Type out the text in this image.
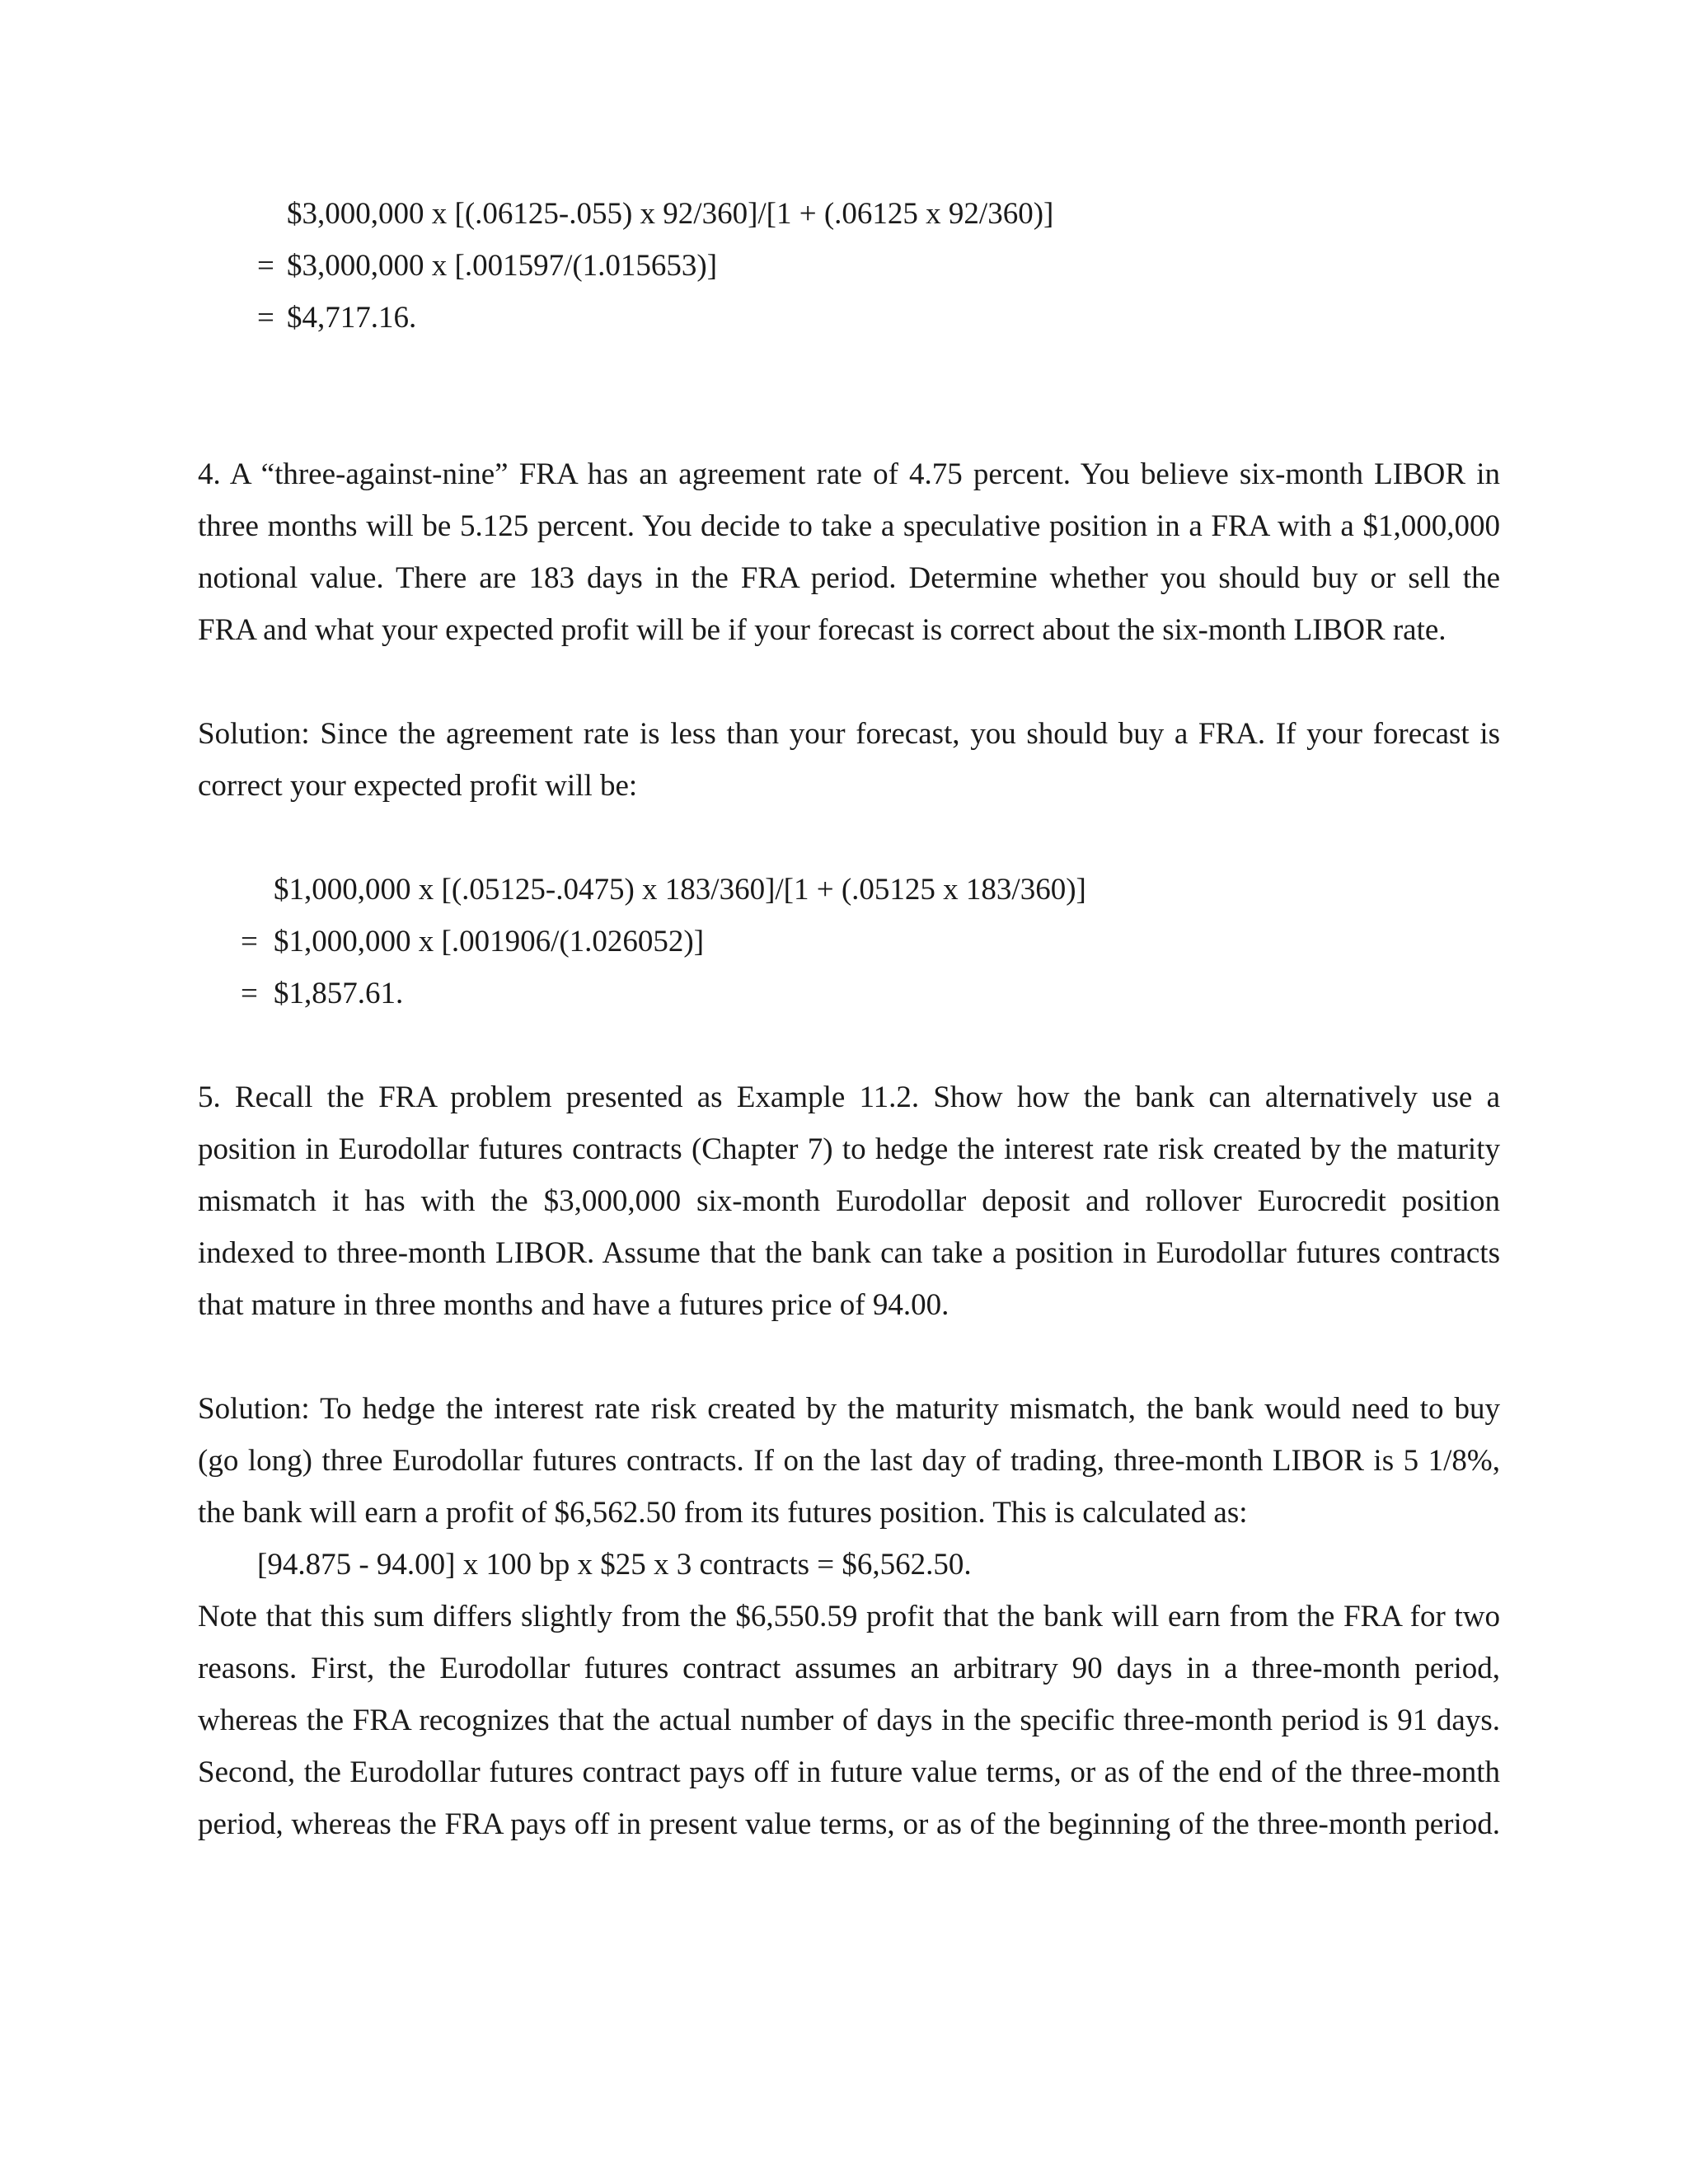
$3,000,000 x [(.06125-.055) x 92/360]/[1 + (.06125 x 92/360)]
= $3,000,000 x [.001597/(1.015653)]
= $4,717.16.
4. A “three-against-nine” FRA has an agreement rate of 4.75 percent. You believe six-month LIBOR in
three months will be 5.125 percent. You decide to take a speculative position in a FRA with a $1,000,000
notional value. There are 183 days in the FRA period. Determine whether you should buy or sell the
FRA and what your expected profit will be if your forecast is correct about the six-month LIBOR rate.
Solution: Since the agreement rate is less than your forecast, you should buy a FRA. If your forecast is
correct your expected profit will be:
$1,000,000 x [(.05125-.0475) x 183/360]/[1 + (.05125 x 183/360)]
= $1,000,000 x [.001906/(1.026052)]
= $1,857.61.
5. Recall the FRA problem presented as Example 11.2. Show how the bank can alternatively use a
position in Eurodollar futures contracts (Chapter 7) to hedge the interest rate risk created by the maturity
mismatch it has with the $3,000,000 six-month Eurodollar deposit and rollover Eurocredit position
indexed to three-month LIBOR. Assume that the bank can take a position in Eurodollar futures contracts
that mature in three months and have a futures price of 94.00.
Solution: To hedge the interest rate risk created by the maturity mismatch, the bank would need to buy
(go long) three Eurodollar futures contracts. If on the last day of trading, three-month LIBOR is 5 1/8%,
the bank will earn a profit of $6,562.50 from its futures position. This is calculated as:
[94.875 - 94.00] x 100 bp x $25 x 3 contracts = $6,562.50.
Note that this sum differs slightly from the $6,550.59 profit that the bank will earn from the FRA for two
reasons. First, the Eurodollar futures contract assumes an arbitrary 90 days in a three-month period,
whereas the FRA recognizes that the actual number of days in the specific three-month period is 91 days.
Second, the Eurodollar futures contract pays off in future value terms, or as of the end of the three-month
period, whereas the FRA pays off in present value terms, or as of the beginning of the three-month period.
